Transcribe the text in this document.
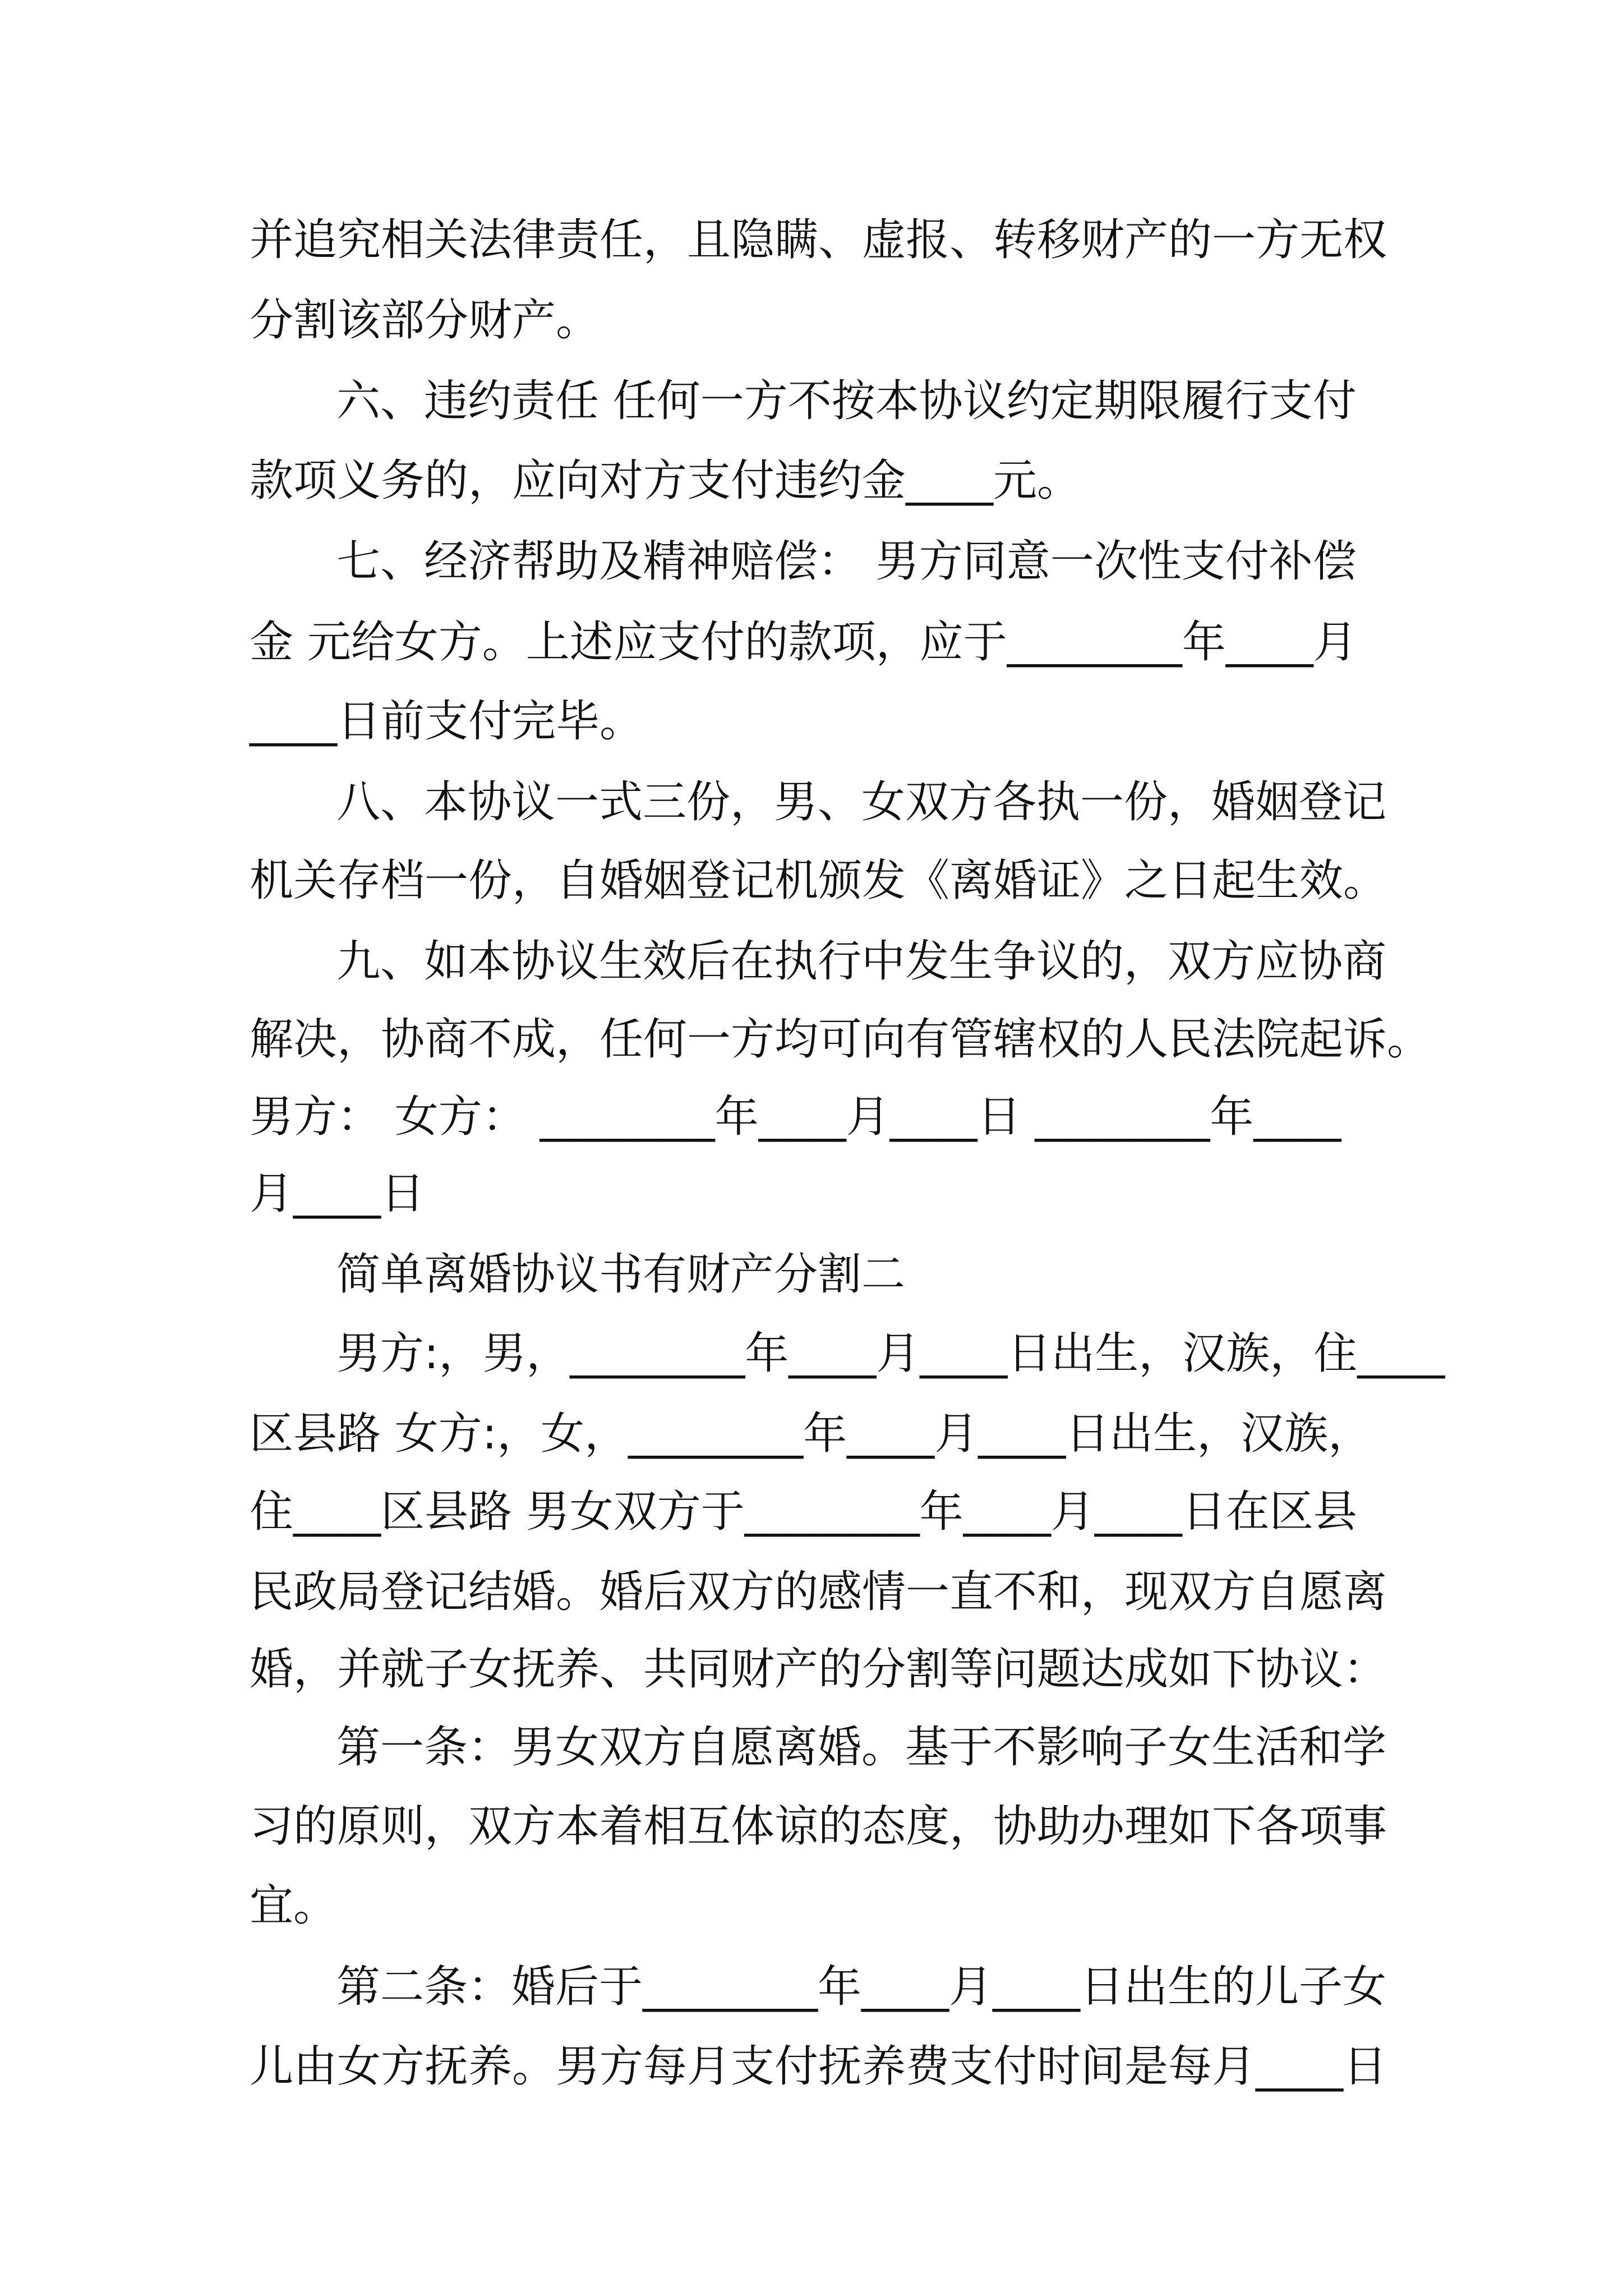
并追究相关法律责任，且隐瞒、虚报、转移财产的一方无权
分割该部分财产。
六、违约责任 任何一方不按本协议约定期限履行支付
款项义务的，应向对方支付违约金____元。
七、经济帮助及精神赔偿： 男方同意一次性支付补偿
金 元给女方。上述应支付的款项，应于________年____月
____日前支付完毕。
八、本协议一式三份，男、女双方各执一份，婚姻登记
机关存档一份，自婚姻登记机颁发《离婚证》之日起生效。
九、如本协议生效后在执行中发生争议的，双方应协商
解决，协商不成，任何一方均可向有管辖权的人民法院起诉。
男方： 女方： ________年____月____日 ________年____
月____日
简单离婚协议书有财产分割二
男方:，男，________年____月____日出生，汉族，住____
区县路 女方:，女，________年____月____日出生，汉族，
住____区县路 男女双方于________年____月____日在区县
民政局登记结婚。婚后双方的感情一直不和，现双方自愿离
婚，并就子女抚养、共同财产的分割等问题达成如下协议：
第一条：男女双方自愿离婚。基于不影响子女生活和学
习的原则，双方本着相互体谅的态度，协助办理如下各项事
宜。
第二条：婚后于________年____月____日出生的儿子女
儿由女方抚养。男方每月支付抚养费支付时间是每月____日
